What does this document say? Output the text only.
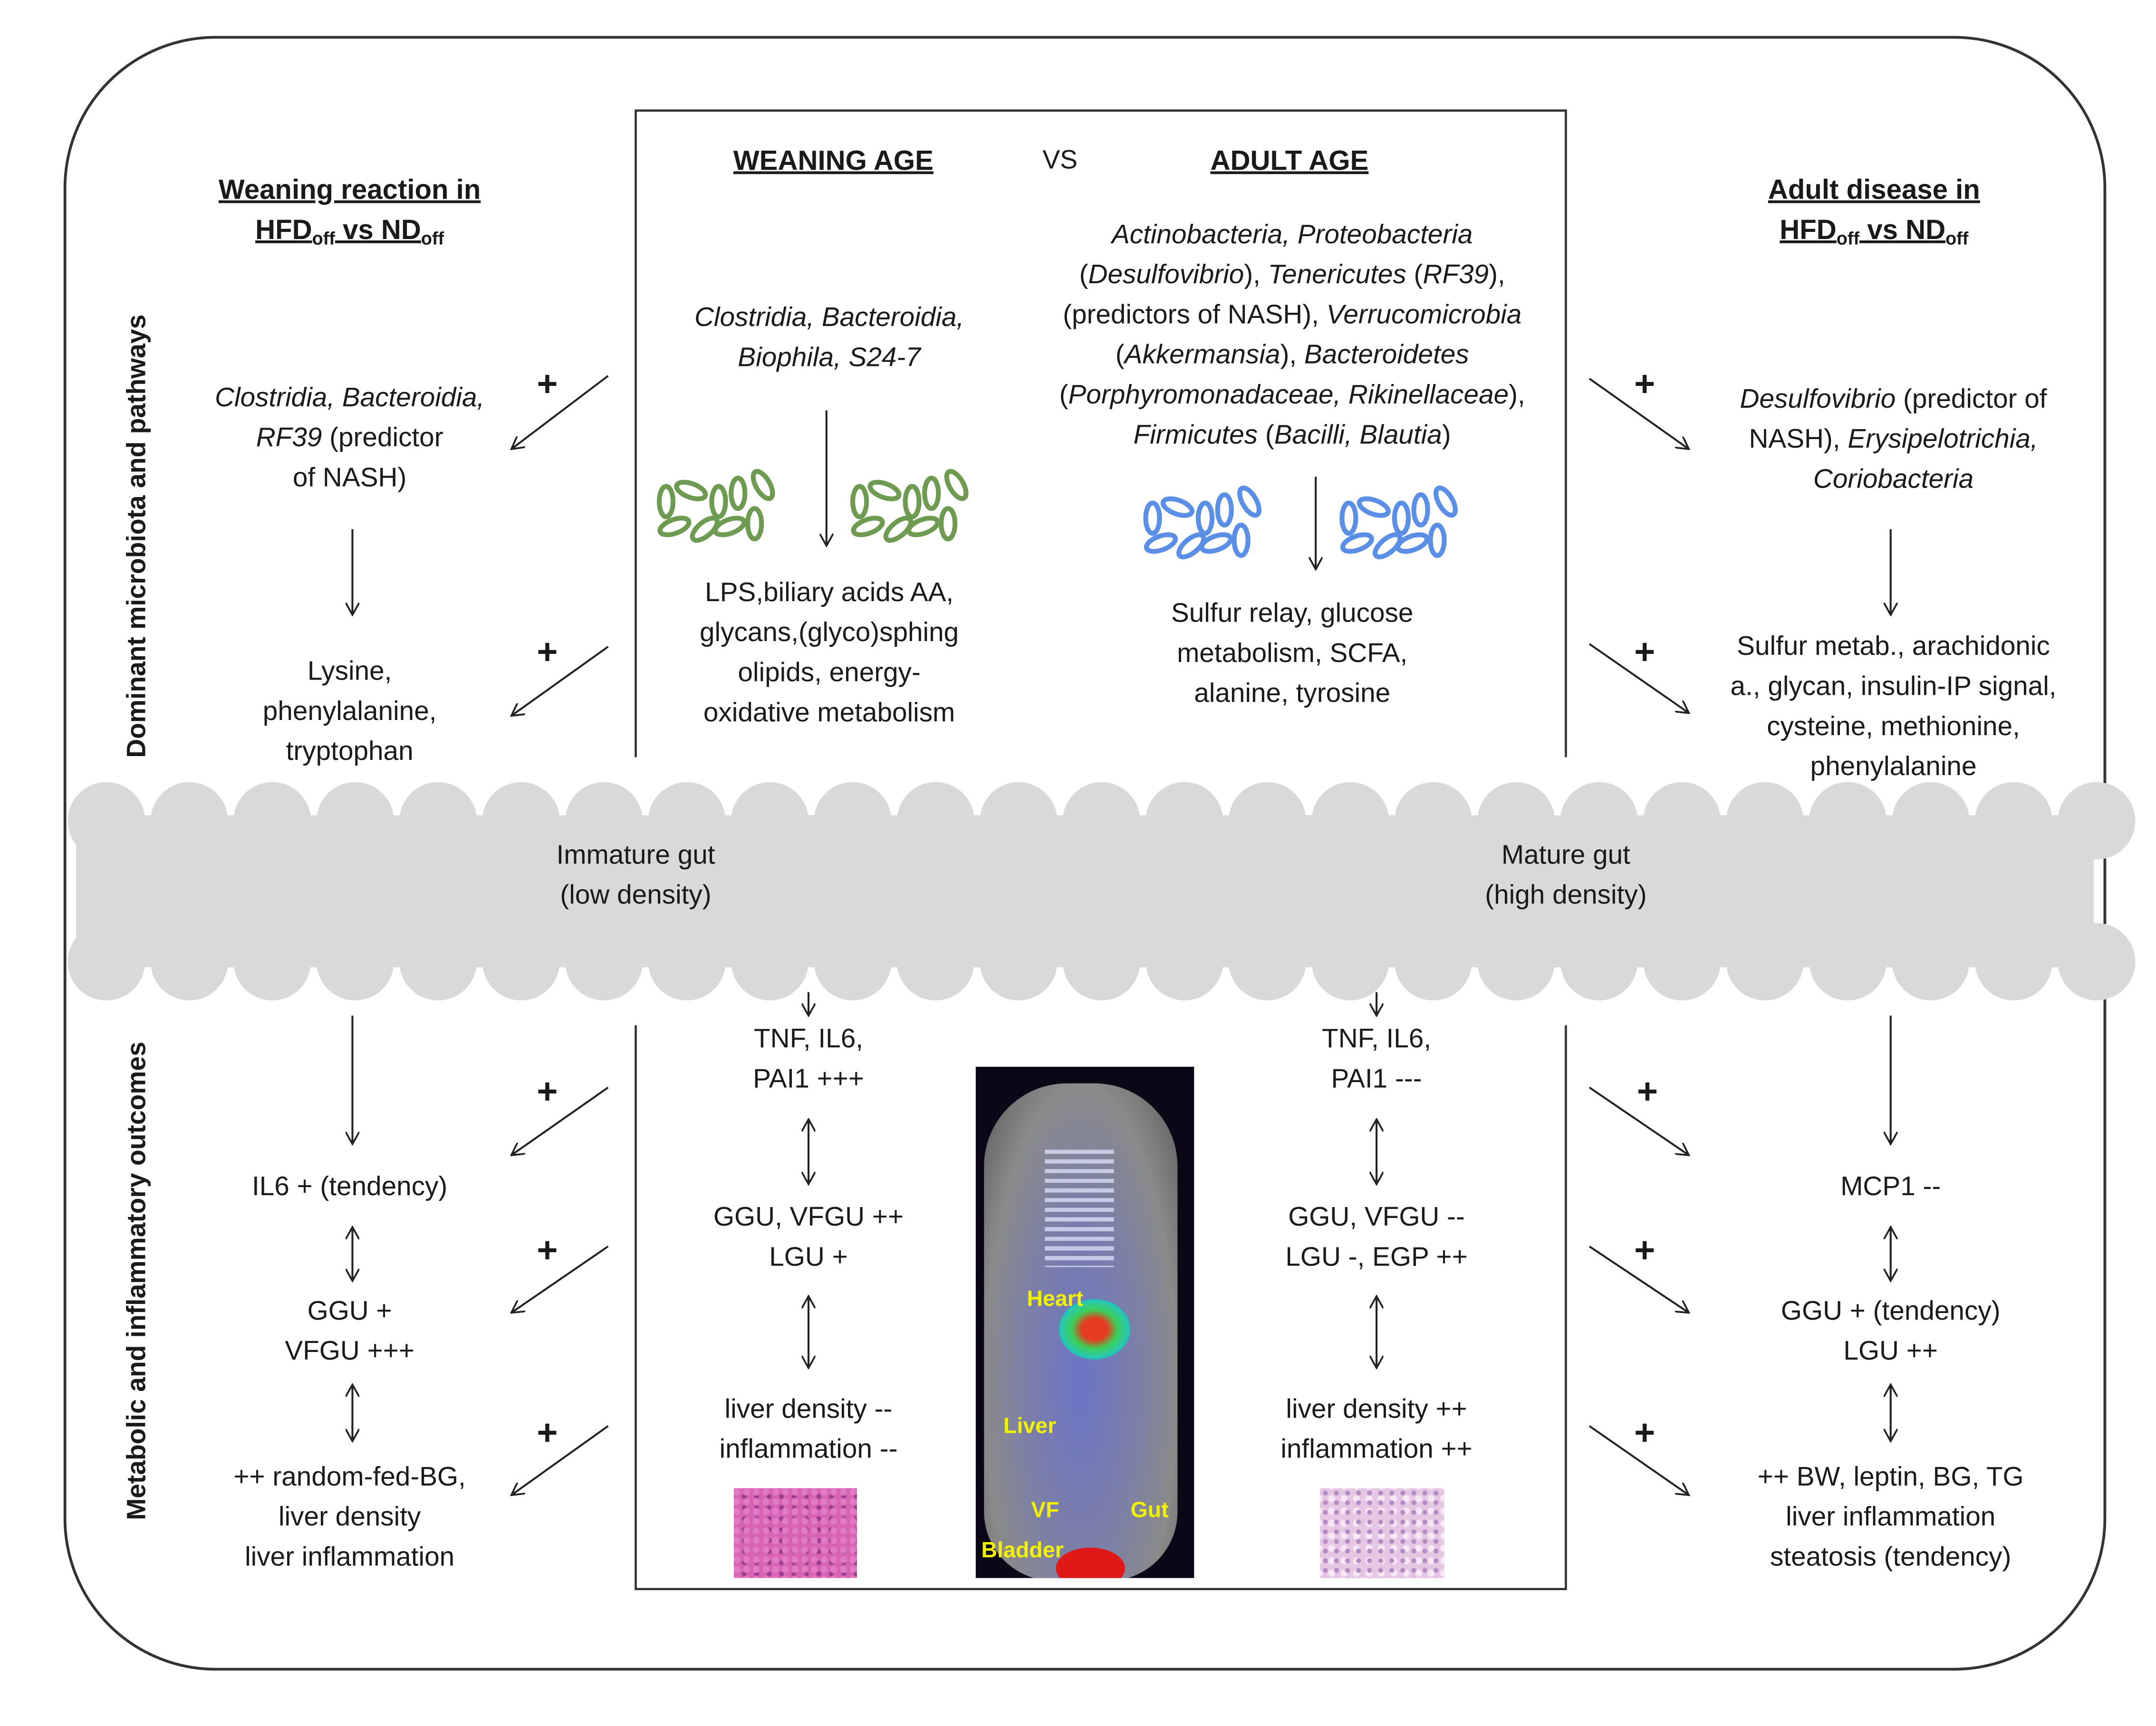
Dominant microbiota and pathways
Metabolic and inflammatory outcomes
Weaning reaction in
$HFD_{off}$ vs $ND_{off}$
Adult disease in
$HFD_{off}$ vs $ND_{off}$
WEANING AGE	VS	ADULT AGE
Immature gut
(low density)
Mature gut
(high density)
Clostridia, Bacteroidia,
RF39 (predictor
of NASH)
Lysine,
phenylalanine,
tryptophan
Clostridia, Bacteroidia,
Biophila, S24-7
Actinobacteria, Proteobacteria
(Desulfovibrio), Tenericutes (RF39),
(predictors of NASH), Verrucomicrobia
(Akkermansia), Bacteroidetes
(Porphyromonadaceae, Rikinellaceae),
Firmicutes (Bacilli, Blautia)
LPS,biliary acids AA,
glycans,(glyco)sphing
olipids, energy-
oxidative metabolism
Sulfur relay, glucose
metabolism, SCFA,
alanine, tyrosine
Desulfovibrio (predictor of
NASH), Erysipelotrichia,
Coriobacteria
Sulfur metab., arachidonic
a., glycan, insulin-IP signal,
cysteine, methionine,
phenylalanine
IL6 + (tendency)
GGU +
VFGU +++
++ random-fed-BG,
liver density
liver inflammation
TNF, IL6,
PAI1 +++
GGU, VFGU ++
LGU +
liver density --
inflammation --
TNF, IL6,
PAI1 ---
GGU, VFGU --
LGU -, EGP ++
liver density ++
inflammation ++
MCP1 --
GGU + (tendency)
LGU ++
++ BW, leptin, BG, TG
liver inflammation
steatosis (tendency)
+
+
+
+
+
+
+
+
+
+
Heart
Liver
VF	Gut
Bladder
